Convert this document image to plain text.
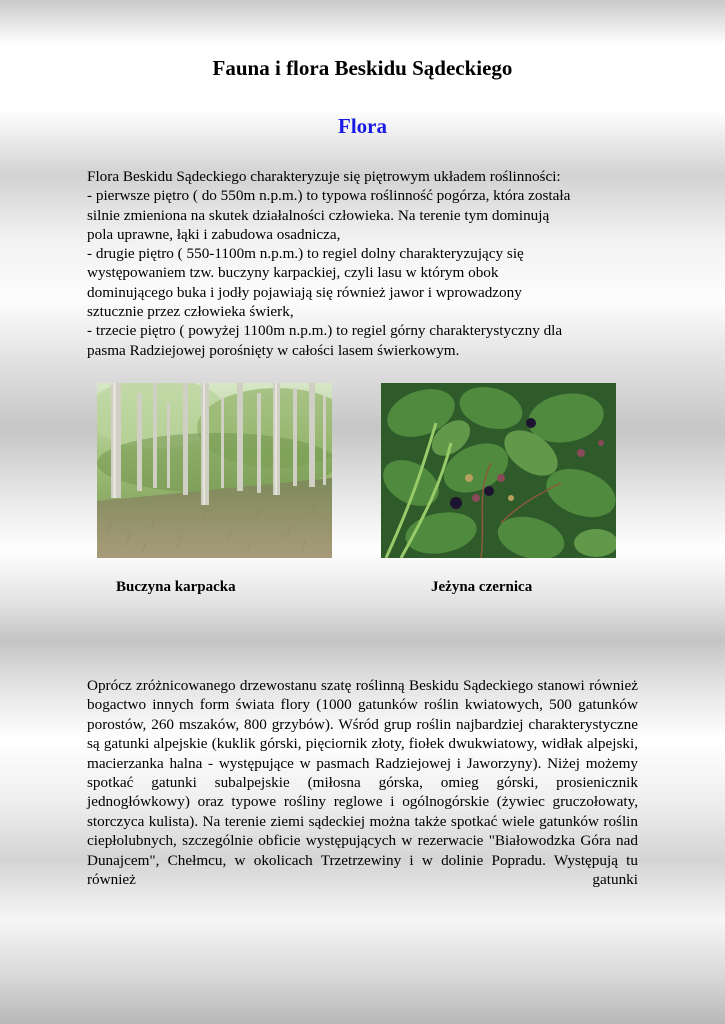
Fauna i flora Beskidu Sądeckiego
Flora

Flora Beskidu Sądeckiego charakteryzuje się piętrowym układem roślinności:

- pierwsze piętro ( do 550m n.p.m.) to typowa roślinność pogórza, która została

silnie zmieniona na skutek działalności człowieka. Na terenie tym dominują

pola uprawne, łąki i zabudowa osadnicza,

- drugie piętro ( 550-1100m n.p.m.) to regiel dolny charakteryzujący się

występowaniem tzw. buczyny karpackiej, czyli lasu w którym obok

dominującego buka i jodły pojawiają się również jawor i wprowadzony

sztucznie przez człowieka świerk,

- trzecie piętro ( powyżej 1100m n.p.m.) to regiel górny charakterystyczny dla

pasma Radziejowej porośnięty w całości lasem świerkowym.

Buczyna karpacka	Jeżyna czernica
Oprócz zróżnicowanego drzewostanu szatę roślinną Beskidu Sądeckiego stanowi również bogactwo innych form świata flory (1000 gatunków roślin kwiatowych, 500 gatunków porostów, 260 mszaków, 800 grzybów). Wśród grup roślin najbardziej charakterystyczne są gatunki alpejskie (kuklik górski, pięciornik złoty, fiołek dwukwiatowy, widłak alpejski, macierzanka halna - występujące w pasmach Radziejowej i Jaworzyny). Niżej możemy spotkać gatunki subalpejskie (miłosna górska, omieg górski, prosienicznik jednogłówkowy) oraz typowe rośliny reglowe i ogólnogórskie (żywiec gruczołowaty, storczyca kulista). Na terenie ziemi sądeckiej można także spotkać wiele gatunków roślin ciepłolubnych, szczególnie obficie występujących w rezerwacie "Białowodzka Góra nad Dunajcem", Chełmcu, w okolicach Trzetrzewiny i w dolinie Popradu. Występują tu również gatunki
